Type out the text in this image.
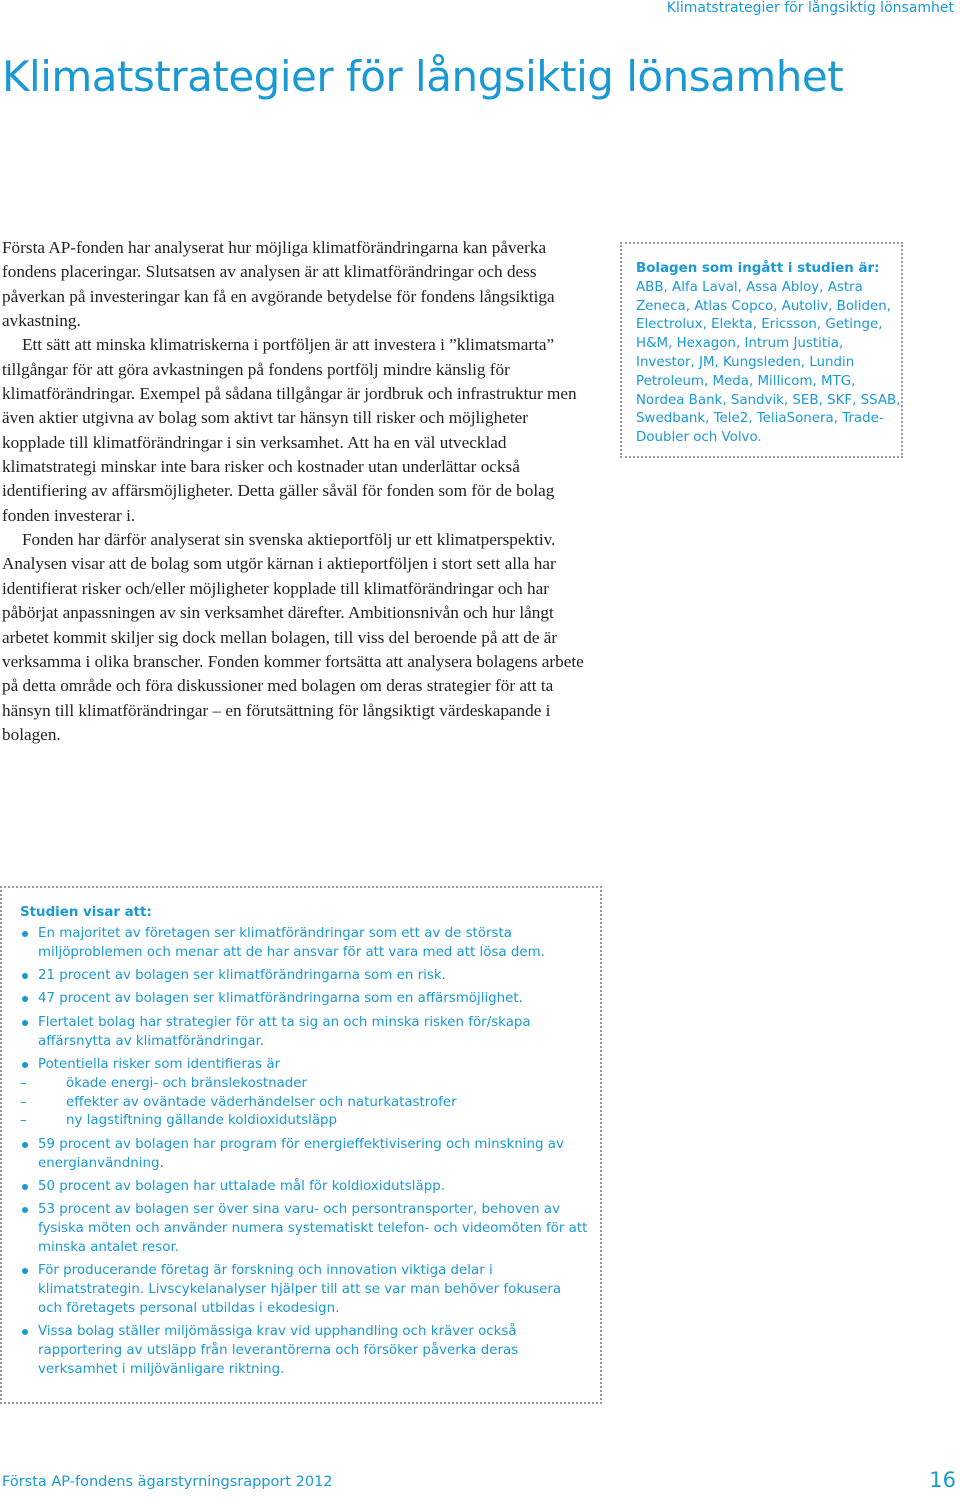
Klimatstrategier för långsiktig lönsamhet
Klimatstrategier för långsiktig lönsamhet

Första AP-fonden har analyserat hur möjliga klimatförändringarna kan påverka fondens placeringar. Slutsatsen av analysen är att klimatförändringar och dess påverkan på investeringar kan få en avgörande betydelse för fondens långsiktiga avkastning.

Ett sätt att minska klimatriskerna i portföljen är att investera i ”klimatsmarta” tillgångar för att göra avkastningen på fondens portfölj mindre känslig för klimatförändringar. Exempel på sådana tillgångar är jordbruk och infrastruktur men även aktier utgivna av bolag som aktivt tar hänsyn till risker och möjligheter kopplade till klimatförändringar i sin verksamhet. Att ha en väl utvecklad klimatstrategi minskar inte bara risker och kostnader utan underlättar också identifiering av affärsmöjligheter. Detta gäller såväl för fonden som för de bolag fonden investerar i.

Fonden har därför analyserat sin svenska aktieportfölj ur ett klimatperspektiv. Analysen visar att de bolag som utgör kärnan i aktieportföljen i stort sett alla har identifierat risker och/eller möjligheter kopplade till klimatförändringar och har påbörjat anpassningen av sin verksamhet därefter. Ambitionsnivån och hur långt arbetet kommit skiljer sig dock mellan bolagen, till viss del beroende på att de är verksamma i olika branscher. Fonden kommer fortsätta att analysera bolagens arbete på detta område och föra diskussioner med bolagen om deras strategier för att ta hänsyn till klimatförändringar – en förutsättning för långsiktigt värdeskapande i bolagen.

Bolagen som ingått i studien är:
ABB, Alfa Laval, Assa Abloy, Astra Zeneca, Atlas Copco, Autoliv, Boliden, Electrolux, Elekta, Ericsson, Getinge, H&M, Hexagon, Intrum Justitia, Investor, JM, Kungsleden, Lundin Petroleum, Meda, Millicom, MTG, Nordea Bank, Sandvik, SEB, SKF, SSAB, Swedbank, Tele2, TeliaSonera, Trade-Doubler och Volvo.
Studien visar att:
En majoritet av företagen ser klimatförändringar som ett av de största miljöproblemen och menar att de har ansvar för att vara med att lösa dem.
21 procent av bolagen ser klimatförändringarna som en risk.
47 procent av bolagen ser klimatförändringarna som en affärsmöjlighet.
Flertalet bolag har strategier för att ta sig an och minska risken för/skapa affärsnytta av klimatförändringar.
Potentiella risker som identifieras är
– ökade energi- och bränslekostnader
– effekter av oväntade väderhändelser och naturkatastrofer
– ny lagstiftning gällande koldioxidutsläpp
59 procent av bolagen har program för energieffektivisering och minskning av energianvändning.
50 procent av bolagen har uttalade mål för koldioxidutsläpp.
53 procent av bolagen ser över sina varu- och persontransporter, behoven av fysiska möten och använder numera systematiskt telefon- och videomöten för att minska antalet resor.
För producerande företag är forskning och innovation viktiga delar i klimatstrategin. Livscykelanalyser hjälper till att se var man behöver fokusera och företagets personal utbildas i ekodesign.
Vissa bolag ställer miljömässiga krav vid upphandling och kräver också rapportering av utsläpp från leverantörerna och försöker påverka deras verksamhet i miljövänligare riktning.
Första AP-fondens ägarstyrningsrapport 2012	16
